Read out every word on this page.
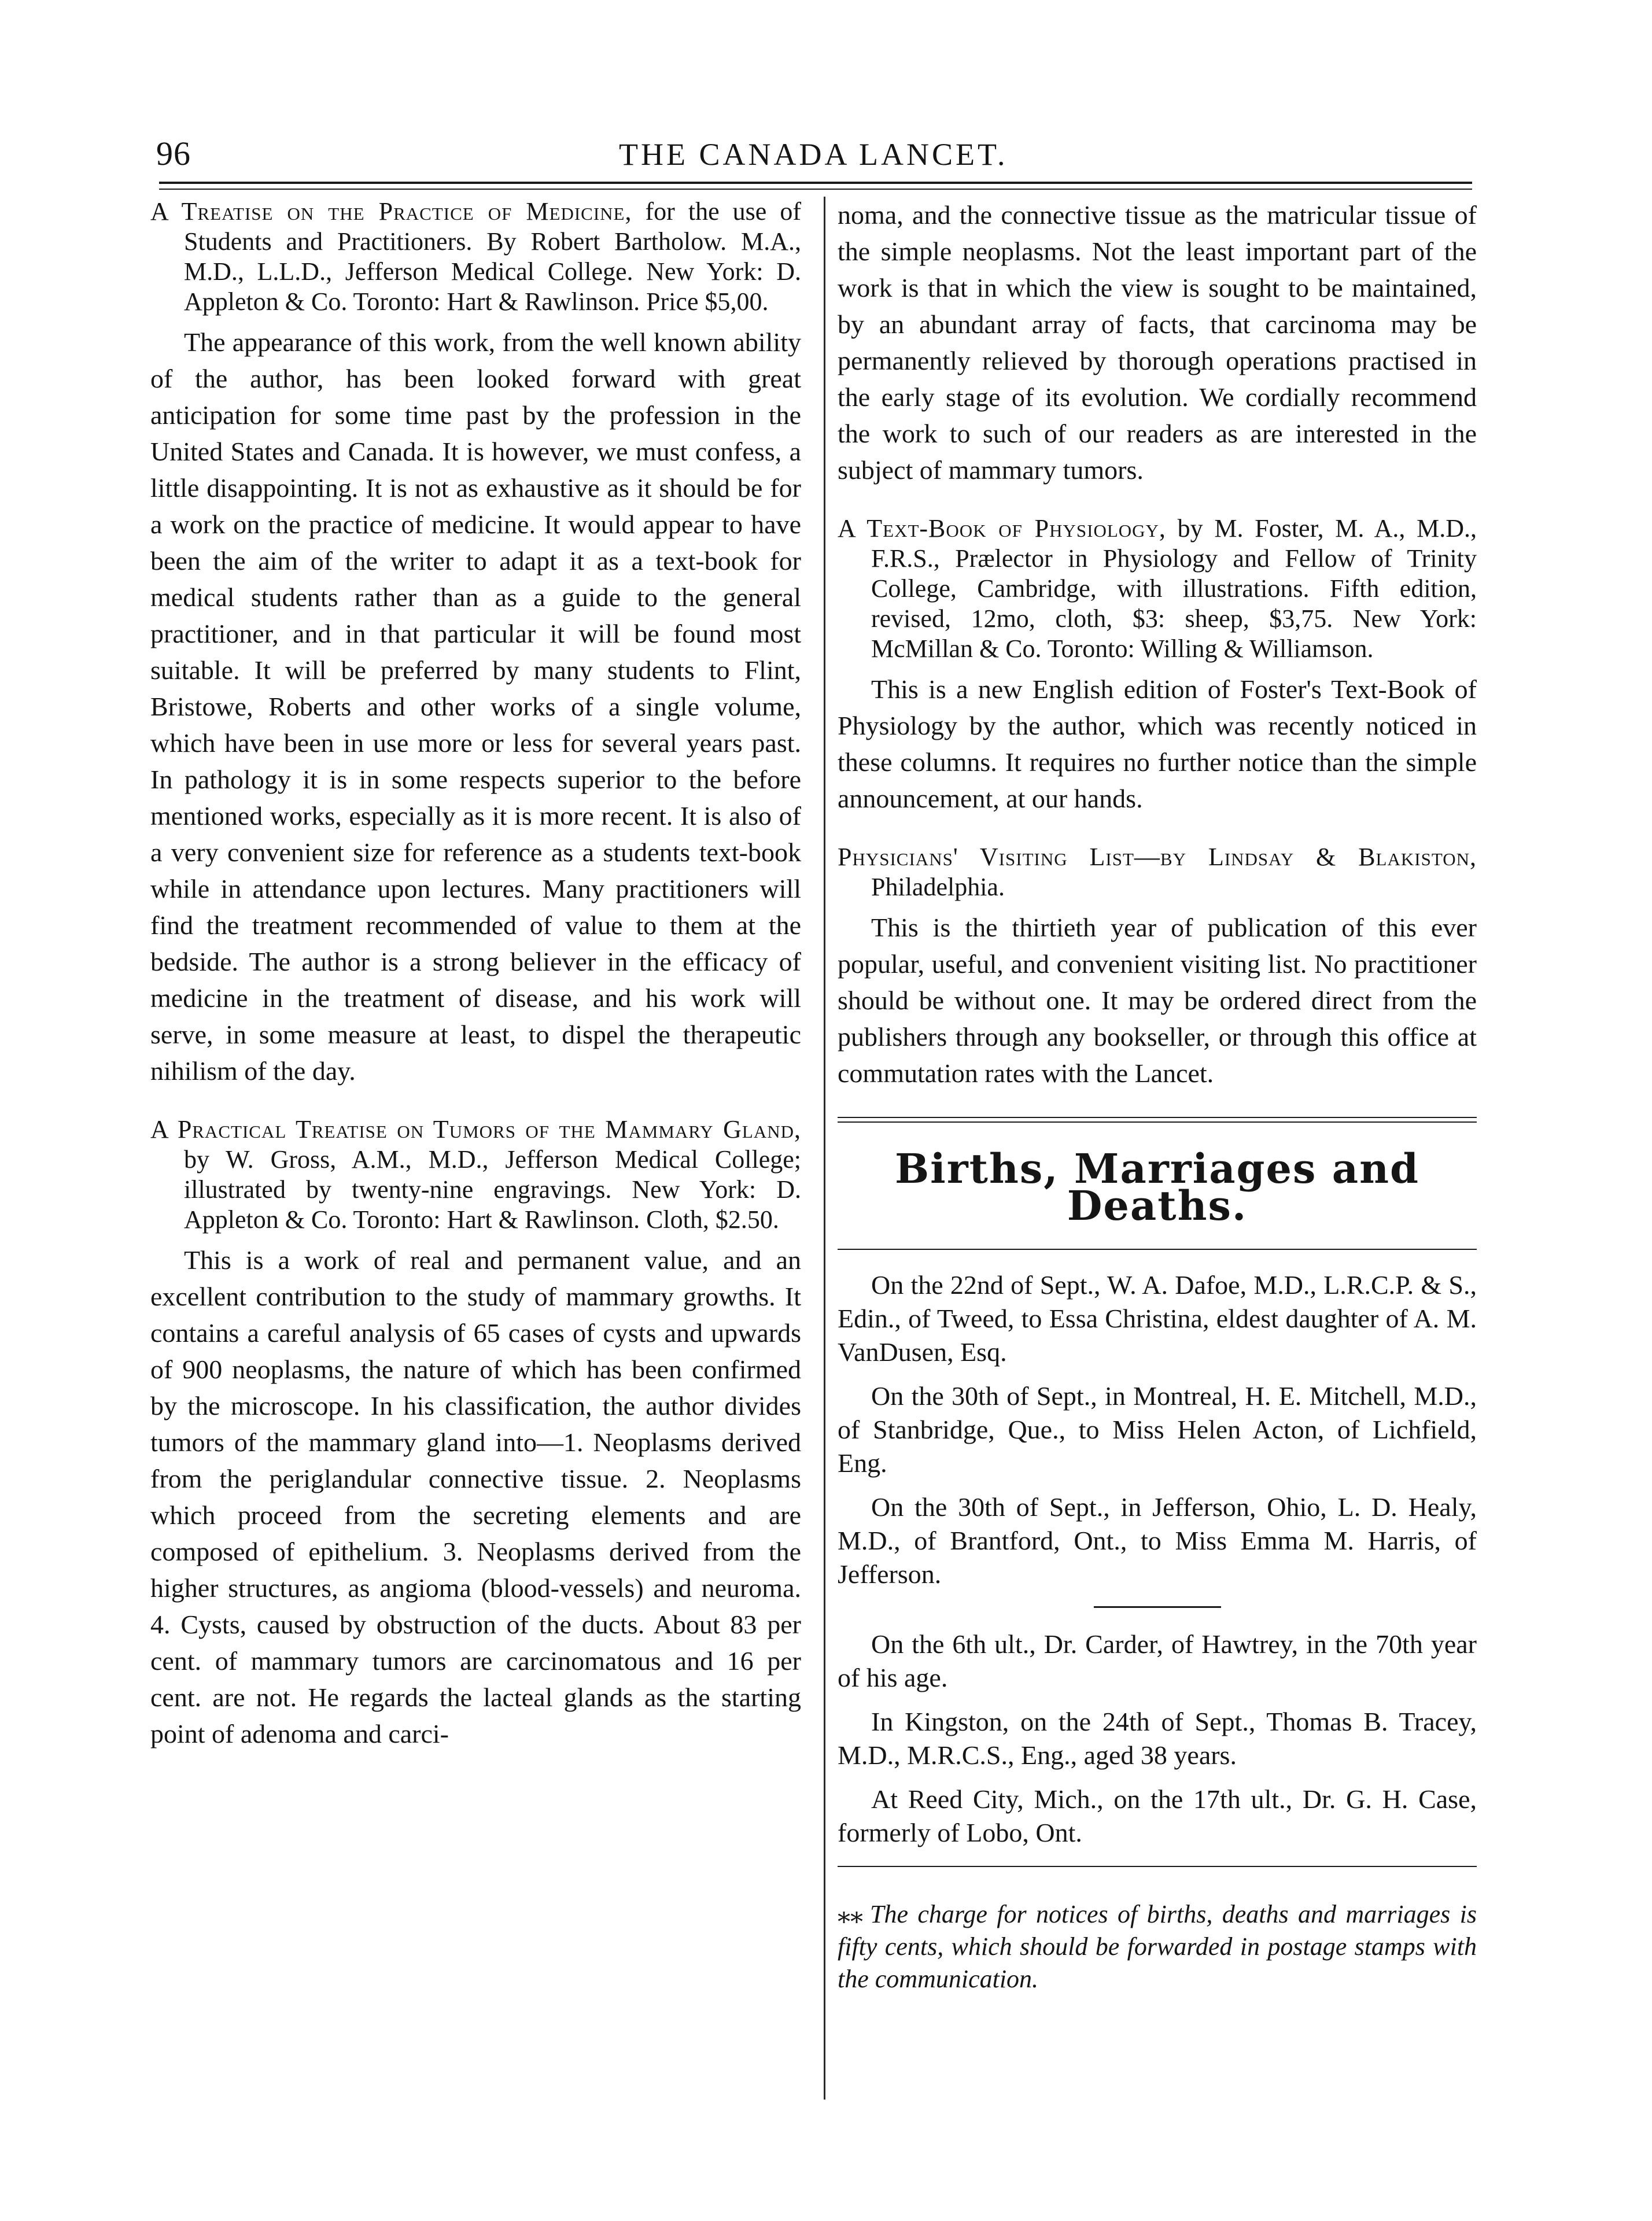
96	THE CANADA LANCET.

A Treatise on the Practice of Medicine, for the use of Students and Practitioners. By Robert Bartholow. M.A., M.D., L.L.D., Jefferson Medical College. New York: D. Appleton & Co. Toronto: Hart & Rawlinson. Price $5,00.

The appearance of this work, from the well known ability of the author, has been looked forward with great anticipation for some time past by the profession in the United States and Canada. It is however, we must confess, a little disappointing. It is not as exhaustive as it should be for a work on the practice of medicine. It would appear to have been the aim of the writer to adapt it as a text-book for medical students rather than as a guide to the general practitioner, and in that particular it will be found most suitable. It will be preferred by many students to Flint, Bristowe, Roberts and other works of a single volume, which have been in use more or less for several years past. In pathology it is in some respects superior to the before mentioned works, especially as it is more recent. It is also of a very convenient size for reference as a students text-book while in attendance upon lectures. Many practitioners will find the treatment recommended of value to them at the bedside. The author is a strong believer in the efficacy of medicine in the treatment of disease, and his work will serve, in some measure at least, to dispel the therapeutic nihilism of the day.

A Practical Treatise on Tumors of the Mammary Gland, by W. Gross, A.M., M.D., Jefferson Medical College; illustrated by twenty-nine engravings. New York: D. Appleton & Co. Toronto: Hart & Rawlinson. Cloth, $2.50.

This is a work of real and permanent value, and an excellent contribution to the study of mammary growths. It contains a careful analysis of 65 cases of cysts and upwards of 900 neoplasms, the nature of which has been confirmed by the microscope. In his classification, the author divides tumors of the mammary gland into—1. Neoplasms derived from the periglandular connective tissue. 2. Neoplasms which proceed from the secreting elements and are composed of epithelium. 3. Neoplasms derived from the higher structures, as angioma (blood-vessels) and neuroma. 4. Cysts, caused by obstruction of the ducts. About 83 per cent. of mammary tumors are carcinomatous and 16 per cent. are not. He regards the lacteal glands as the starting point of adenoma and carci-

noma, and the connective tissue as the matricular tissue of the simple neoplasms. Not the least important part of the work is that in which the view is sought to be maintained, by an abundant array of facts, that carcinoma may be permanently relieved by thorough operations practised in the early stage of its evolution. We cordially recommend the work to such of our readers as are interested in the subject of mammary tumors.

A Text-Book of Physiology, by M. Foster, M. A., M.D., F.R.S., Prælector in Physiology and Fellow of Trinity College, Cambridge, with illustrations. Fifth edition, revised, 12mo, cloth, $3: sheep, $3,75. New York: McMillan & Co. Toronto: Willing & Williamson.

This is a new English edition of Foster's Text-Book of Physiology by the author, which was recently noticed in these columns. It requires no further notice than the simple announcement, at our hands.

Physicians' Visiting List—by Lindsay & Blakiston, Philadelphia.

This is the thirtieth year of publication of this ever popular, useful, and convenient visiting list. No practitioner should be without one. It may be ordered direct from the publishers through any bookseller, or through this office at commutation rates with the Lancet.

Births, Marriages and Deaths.

On the 22nd of Sept., W. A. Dafoe, M.D., L.R.C.P. & S., Edin., of Tweed, to Essa Christina, eldest daughter of A. M. VanDusen, Esq.

On the 30th of Sept., in Montreal, H. E. Mitchell, M.D., of Stanbridge, Que., to Miss Helen Acton, of Lichfield, Eng.

On the 30th of Sept., in Jefferson, Ohio, L. D. Healy, M.D., of Brantford, Ont., to Miss Emma M. Harris, of Jefferson.

On the 6th ult., Dr. Carder, of Hawtrey, in the 70th year of his age.

In Kingston, on the 24th of Sept., Thomas B. Tracey, M.D., M.R.C.S., Eng., aged 38 years.

At Reed City, Mich., on the 17th ult., Dr. G. H. Case, formerly of Lobo, Ont.

⁎⁎ The charge for notices of births, deaths and marriages is fifty cents, which should be forwarded in postage stamps with the communication.
